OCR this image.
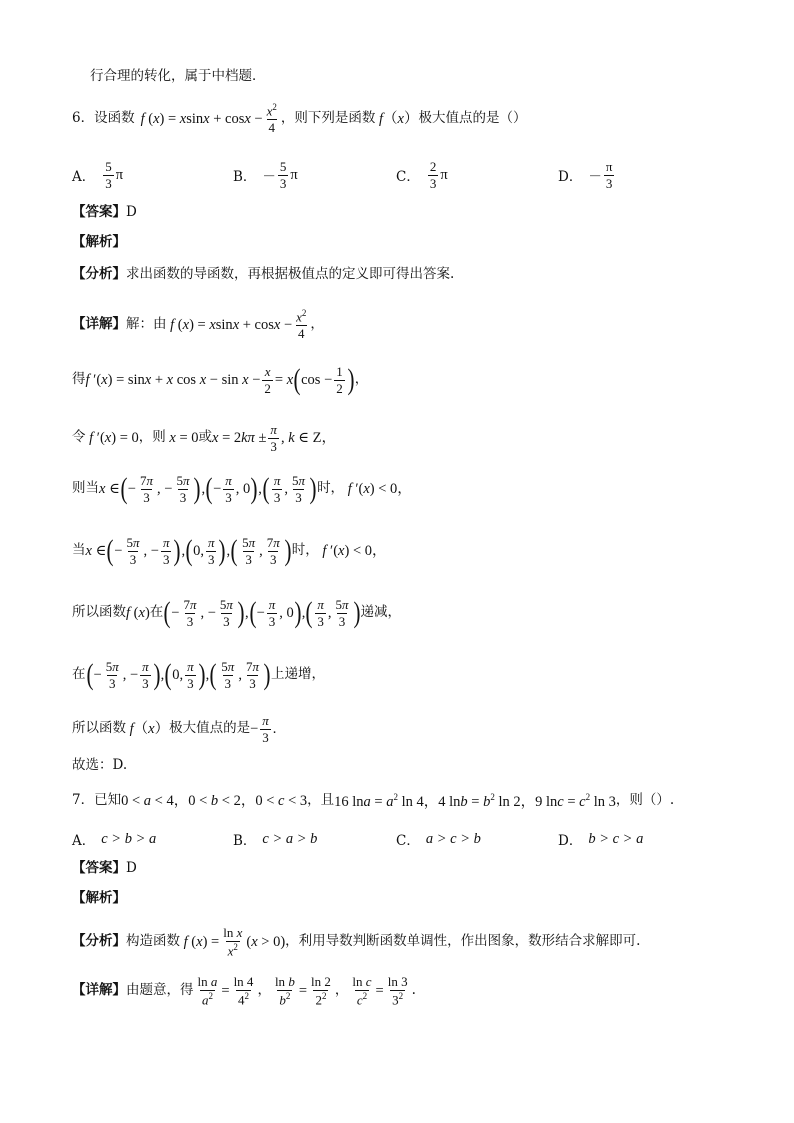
行合理的转化，属于中档题．
6． 设函数 f $(x) = xsinx + \cos x - \frac{x^2}{4}$ ，则下列是函数 f（x） 极大值点的是（）
A． $\frac{5}{3}$ π	B． － $\frac{5}{3}$ π	C． $\frac{2}{3}$ π	D． － $\frac{\pi}{3}$
【答案】 D
【解析】
【分析】 求出函数的导函数，再根据极值点的定义即可得出答案.
【详解】 解：由 f $(x) = xsinx + \cos x - \frac{x^2}{4}$ ，
得 f ′(x) = sinx + x $\cos x - \sin x - \frac{x}{2} = x$ ( $\cos - \frac{1}{2}$ ) ，
令 f ′(x) = 0 ，则 x = 0 或 $x = 2k\pi \pm \frac{\pi}{3}$ , k ∈ Z，
则当 x ∈ ( − $\frac{7\pi}{3}$ , − $\frac{5\pi}{3}$ ) , ( − $\frac{\pi}{3}$ , 0 ) , ( $\frac{\pi}{3}$ , $\frac{5\pi}{3}$ ) 时， f ′(x) < 0，
当 x ∈ ( − $\frac{5\pi}{3}$ , − $\frac{\pi}{3}$ ) , ( 0, $\frac{\pi}{3}$ ) , ( $\frac{5\pi}{3}$ , $\frac{7\pi}{3}$ ) 时， f ′(x) < 0，
所以函数 f (x) 在 ( − $\frac{7\pi}{3}$ , − $\frac{5\pi}{3}$ ) , ( − $\frac{\pi}{3}$ , 0 ) , ( $\frac{\pi}{3}$ , $\frac{5\pi}{3}$ ) 递减，
在 ( − $\frac{5\pi}{3}$ , − $\frac{\pi}{3}$ ) , ( 0, $\frac{\pi}{3}$ ) , ( $\frac{5\pi}{3}$ , $\frac{7\pi}{3}$ ) 上递增，
所以函数 f（x） 极大值点的是 − $\frac{\pi}{3}$ .
故选：D.
7． 已知 0 < a < 4，0 < b < 2，0 < c < 3 ，且 16 $\ln a = a^2$ ln 4，4 $\ln b = b^2$ ln 2，9 $\ln c = c^2$ ln 3 ，则（）.
A． c > b > a	B． c > a > b	C． a > c > b	D． b > c > a
【答案】 D
【解析】
【分析】 构造函数 f $(x) = \frac{\text{ln x}}{x^2} (x > 0)$ ，利用导数判断函数单调性，作出图象，数形结合求解即可.
【详解】 由题意，得 $\frac{\text{ln a}}{a^2} = \frac{\ln 4}{4^2}$ ， $\frac{\text{ln b}}{b^2} = \frac{\ln 2}{2^2}$ ， $\frac{\text{ln c}}{c^2} = \frac{\ln 3}{3^2}$ .
